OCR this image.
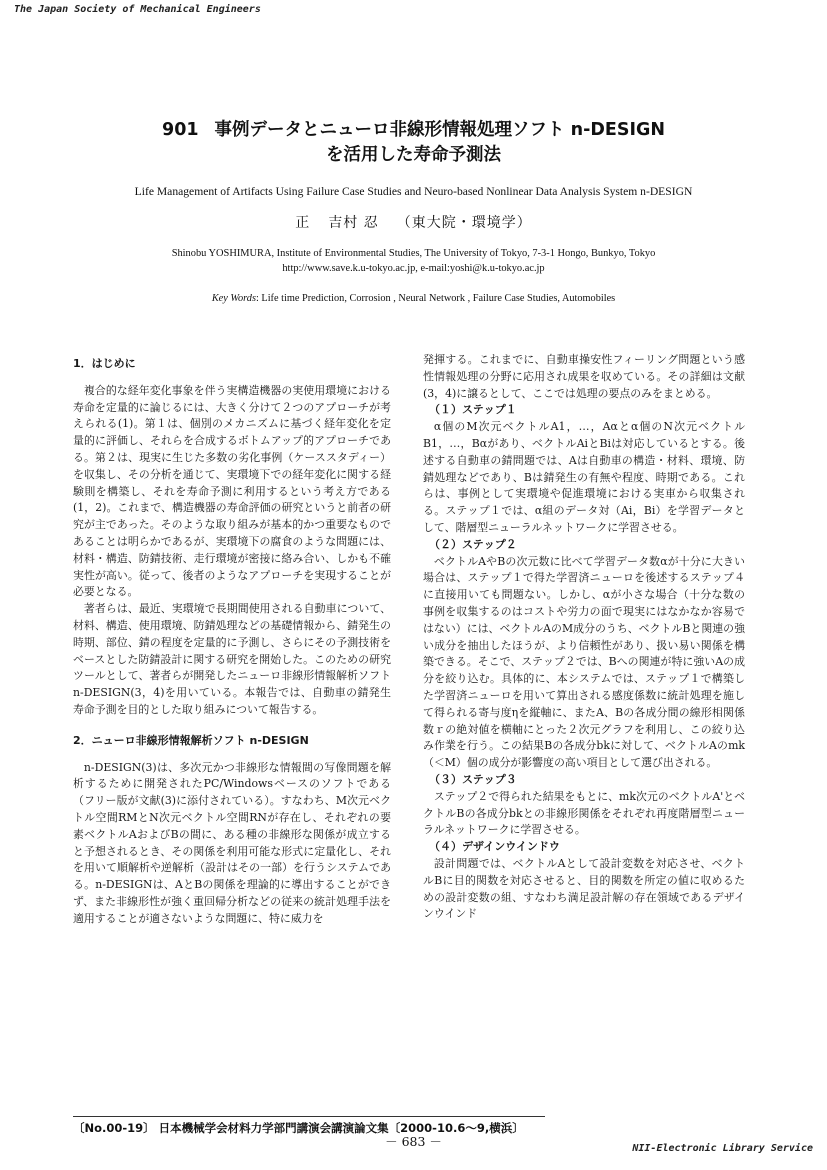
The Japan Society of Mechanical Engineers
901 事例データとニューロ非線形情報処理ソフト n-DESIGN
を活用した寿命予測法
Life Management of Artifacts Using Failure Case Studies and Neuro-based Nonlinear Data Analysis System n-DESIGN
正 吉村 忍 （東大院・環境学）
Shinobu YOSHIMURA, Institute of Environmental Studies, The University of Tokyo, 7-3-1 Hongo, Bunkyo, Tokyo
http://www.save.k.u-tokyo.ac.jp, e-mail:yoshi@k.u-tokyo.ac.jp
Key Words: Life time Prediction, Corrosion , Neural Network , Failure Case Studies, Automobiles
1．はじめに

複合的な経年変化事象を伴う実構造機器の実使用環境における寿命を定量的に論じるには、大きく分けて２つのアプローチが考えられる(1)。第１は、個別のメカニズムに基づく経年変化を定量的に評価し、それらを合成するボトムアップ的アプローチである。第２は、現実に生じた多数の劣化事例（ケーススタディー）を収集し、その分析を通じて、実環境下での経年変化に関する経験則を構築し、それを寿命予測に利用するという考え方である(1，2)。これまで、構造機器の寿命評価の研究というと前者の研究が主であった。そのような取り組みが基本的かつ重要なものであることは明らかであるが、実環境下の腐食のような問題には、材料・構造、防錆技術、走行環境が密接に絡み合い、しかも不確実性が高い。従って、後者のようなアプローチを実現することが必要となる。

著者らは、最近、実環境で長期間使用される自動車について、材料、構造、使用環境、防錆処理などの基礎情報から、錆発生の時期、部位、錆の程度を定量的に予測し、さらにその予測技術をベースとした防錆設計に関する研究を開始した。このための研究ツールとして、著者らが開発したニューロ非線形情報解析ソフト n-DESIGN(3，4)を用いている。本報告では、自動車の錆発生寿命予測を目的とした取り組みについて報告する。

2．ニューロ非線形情報解析ソフト n-DESIGN

n-DESIGN(3)は、多次元かつ非線形な情報間の写像問題を解析するために開発されたPC/Windowsベースのソフトである（フリー版が文献(3)に添付されている）。すなわち、M次元ベクトル空間RMとN次元ベクトル空間RNが存在し、それぞれの要素ベクトルAおよびBの間に、ある種の非線形な関係が成立すると予想されるとき、その関係を利用可能な形式に定量化し、それを用いて順解析や逆解析（設計はその一部）を行うシステムである。n-DESIGNは、AとBの関係を理論的に導出することができず、また非線形性が強く重回帰分析などの従来の統計処理手法を適用することが適さないような問題に、特に威力を

発揮する。これまでに、自動車操安性フィーリング問題という感性情報処理の分野に応用され成果を収めている。その詳細は文献(3，4)に譲るとして、ここでは処理の要点のみをまとめる。

（１）ステップ１

α個のM次元ベクトルA1，…，Aαとα個のN次元ベクトルB1，…，Bαがあり、ベクトルAiとBiは対応しているとする。後述する自動車の錆問題では、Aは自動車の構造・材料、環境、防錆処理などであり、Bは錆発生の有無や程度、時期である。これらは、事例として実環境や促進環境における実車から収集される。ステップ１では、α組のデータ対（Ai，Bi）を学習データとして、階層型ニューラルネットワークに学習させる。

（２）ステップ２

ベクトルAやBの次元数に比べて学習データ数αが十分に大きい場合は、ステップ１で得た学習済ニューロを後述するステップ４に直接用いても問題ない。しかし、αが小さな場合（十分な数の事例を収集するのはコストや労力の面で現実にはなかなか容易ではない）には、ベクトルAのM成分のうち、ベクトルBと関連の強い成分を抽出したほうが、より信頼性があり、扱い易い関係を構築できる。そこで、ステップ２では、Bへの関連が特に強いAの成分を絞り込む。具体的に、本システムでは、ステップ１で構築した学習済ニューロを用いて算出される感度係数に統計処理を施して得られる寄与度ηを縦軸に、またA、Bの各成分間の線形相関係数ｒの絶対値を横軸にとった２次元グラフを利用し、この絞り込み作業を行う。この結果Bの各成分bkに対して、ベクトルAのmk（＜M）個の成分が影響度の高い項目として選び出される。

（３）ステップ３

ステップ２で得られた結果をもとに、mk次元のベクトルA'とベクトルBの各成分bkとの非線形関係をそれぞれ再度階層型ニューラルネットワークに学習させる。

（４）デザインウインドウ

設計問題では、ベクトルAとして設計変数を対応させ、ベクトルBに目的関数を対応させると、目的関数を所定の値に収めるための設計変数の組、すなわち満足設計解の存在領域であるデザインウインド

〔No.00-19〕 日本機械学会材料力学部門講演会講演論文集〔2000-10.6～9,横浜〕
－ 683 －	NII-Electronic Library Service
